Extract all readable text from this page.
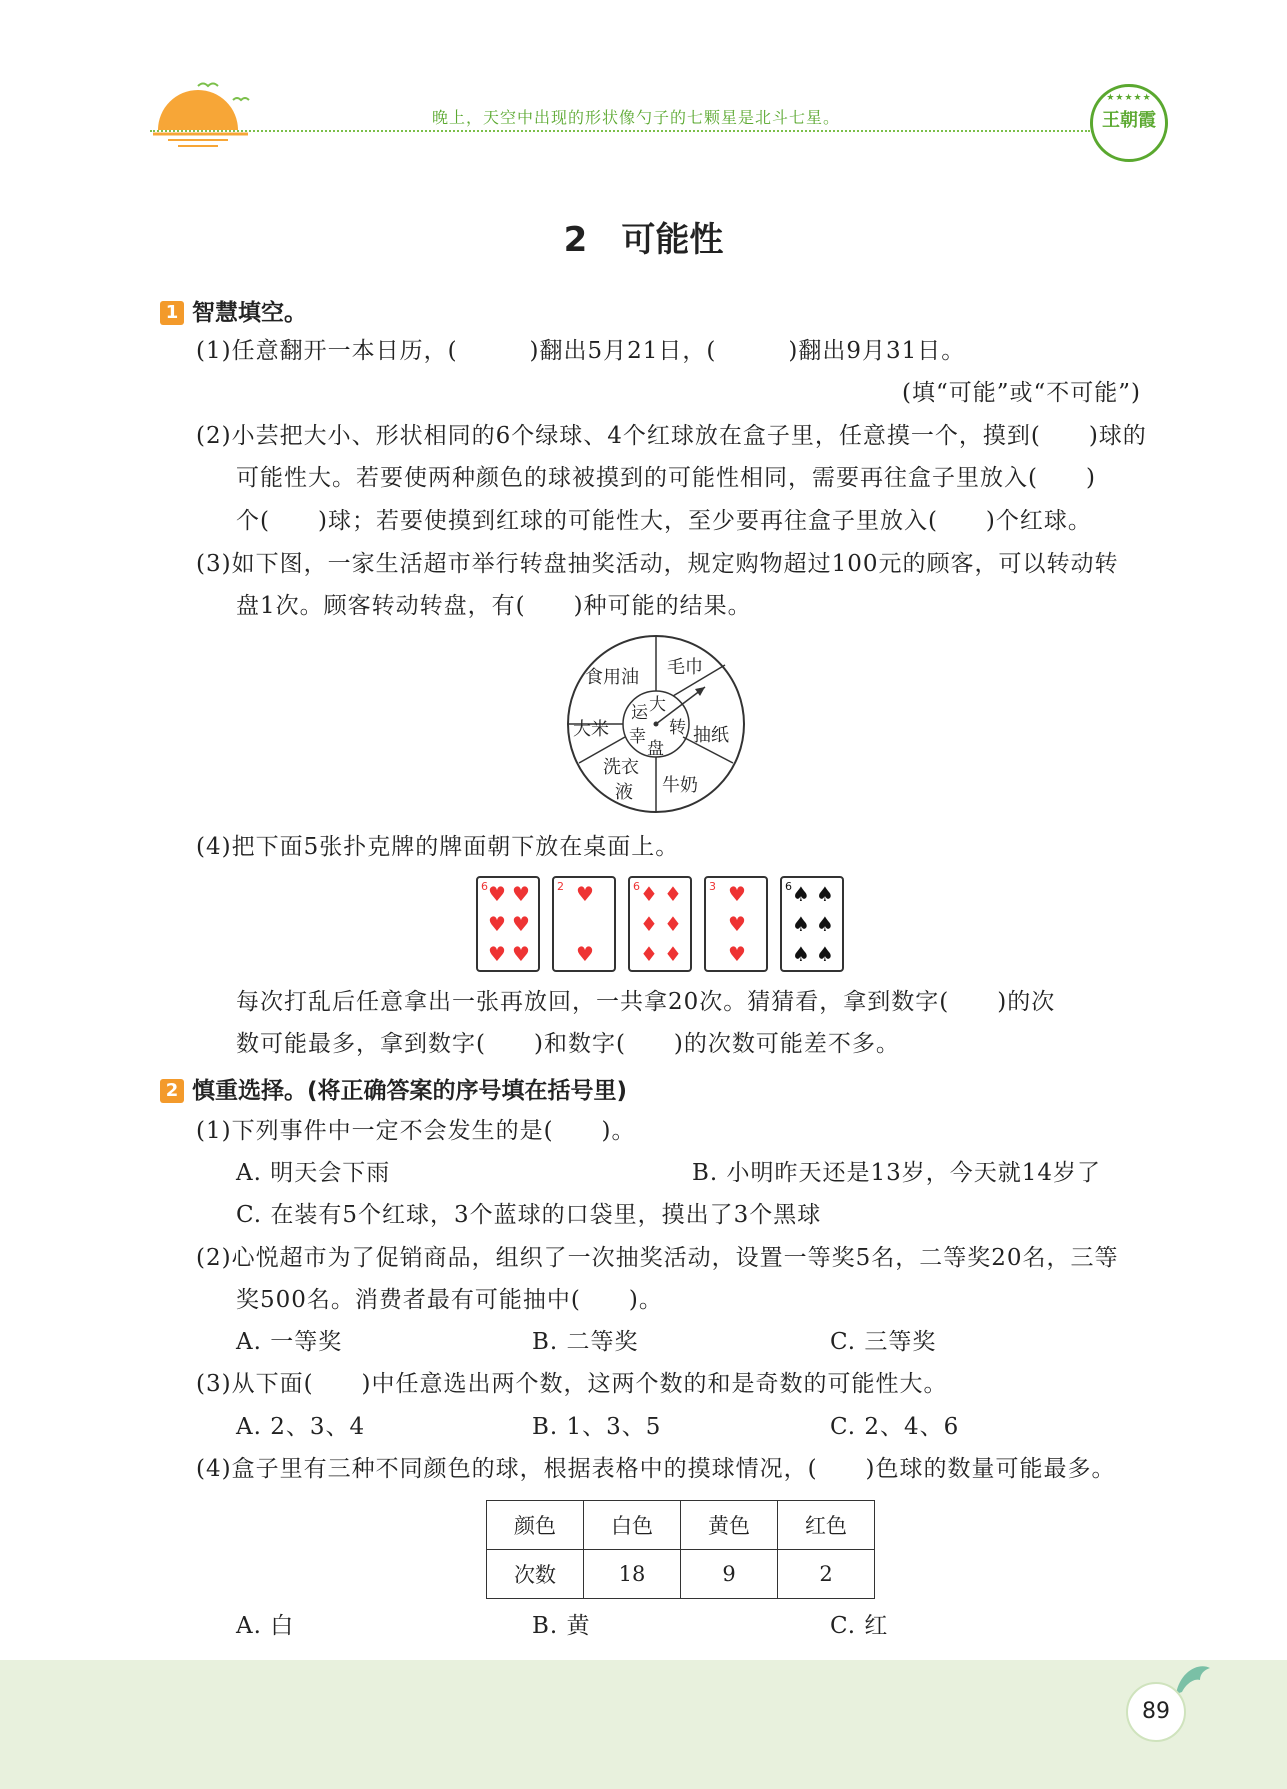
晚上，天空中出现的形状像勺子的七颗星是北斗七星。
★★★★★
王朝霞
2　可能性
1 智慧填空。
(1)任意翻开一本日历，(　　　)翻出5月21日，(　　　)翻出9月31日。
(填“可能”或“不可能”)
(2)小芸把大小、形状相同的6个绿球、4个红球放在盒子里，任意摸一个，摸到(　　)球的
可能性大。若要使两种颜色的球被摸到的可能性相同，需要再往盒子里放入(　　)
个(　　)球；若要使摸到红球的可能性大，至少要再往盒子里放入(　　)个红球。
(3)如下图，一家生活超市举行转盘抽奖活动，规定购物超过100元的顾客，可以转动转
盘1次。顾客转动转盘，有(　　)种可能的结果。
运 大
转
幸
盘
食用油 毛巾
抽纸
牛奶
洗衣
液
大米
(4)把下面5张扑克牌的牌面朝下放在桌面上。
6 ♥ ♥
♥ ♥
♥ ♥
2 ♥
♥
6 ♦ ♦
♦ ♦
♦ ♦
3 ♥
♥
♥
6 ♠ ♠
♠ ♠
♠ ♠
每次打乱后任意拿出一张再放回，一共拿20次。猜猜看，拿到数字(　　)的次
数可能最多，拿到数字(　　)和数字(　　)的次数可能差不多。
2 慎重选择。(将正确答案的序号填在括号里)
(1)下列事件中一定不会发生的是(　　)。
A. 明天会下雨	B. 小明昨天还是13岁，今天就14岁了
C. 在装有5个红球，3个蓝球的口袋里，摸出了3个黑球
(2)心悦超市为了促销商品，组织了一次抽奖活动，设置一等奖5名，二等奖20名，三等
奖500名。消费者最有可能抽中(　　)。
A. 一等奖	B. 二等奖	C. 三等奖
(3)从下面(　　)中任意选出两个数，这两个数的和是奇数的可能性大。
A. 2、3、4	B. 1、3、5	C. 2、4、6
(4)盒子里有三种不同颜色的球，根据表格中的摸球情况，(　　)色球的数量可能最多。
颜色	白色	黄色	红色
次数	18	9	2
A. 白	B. 黄	C. 红
89
